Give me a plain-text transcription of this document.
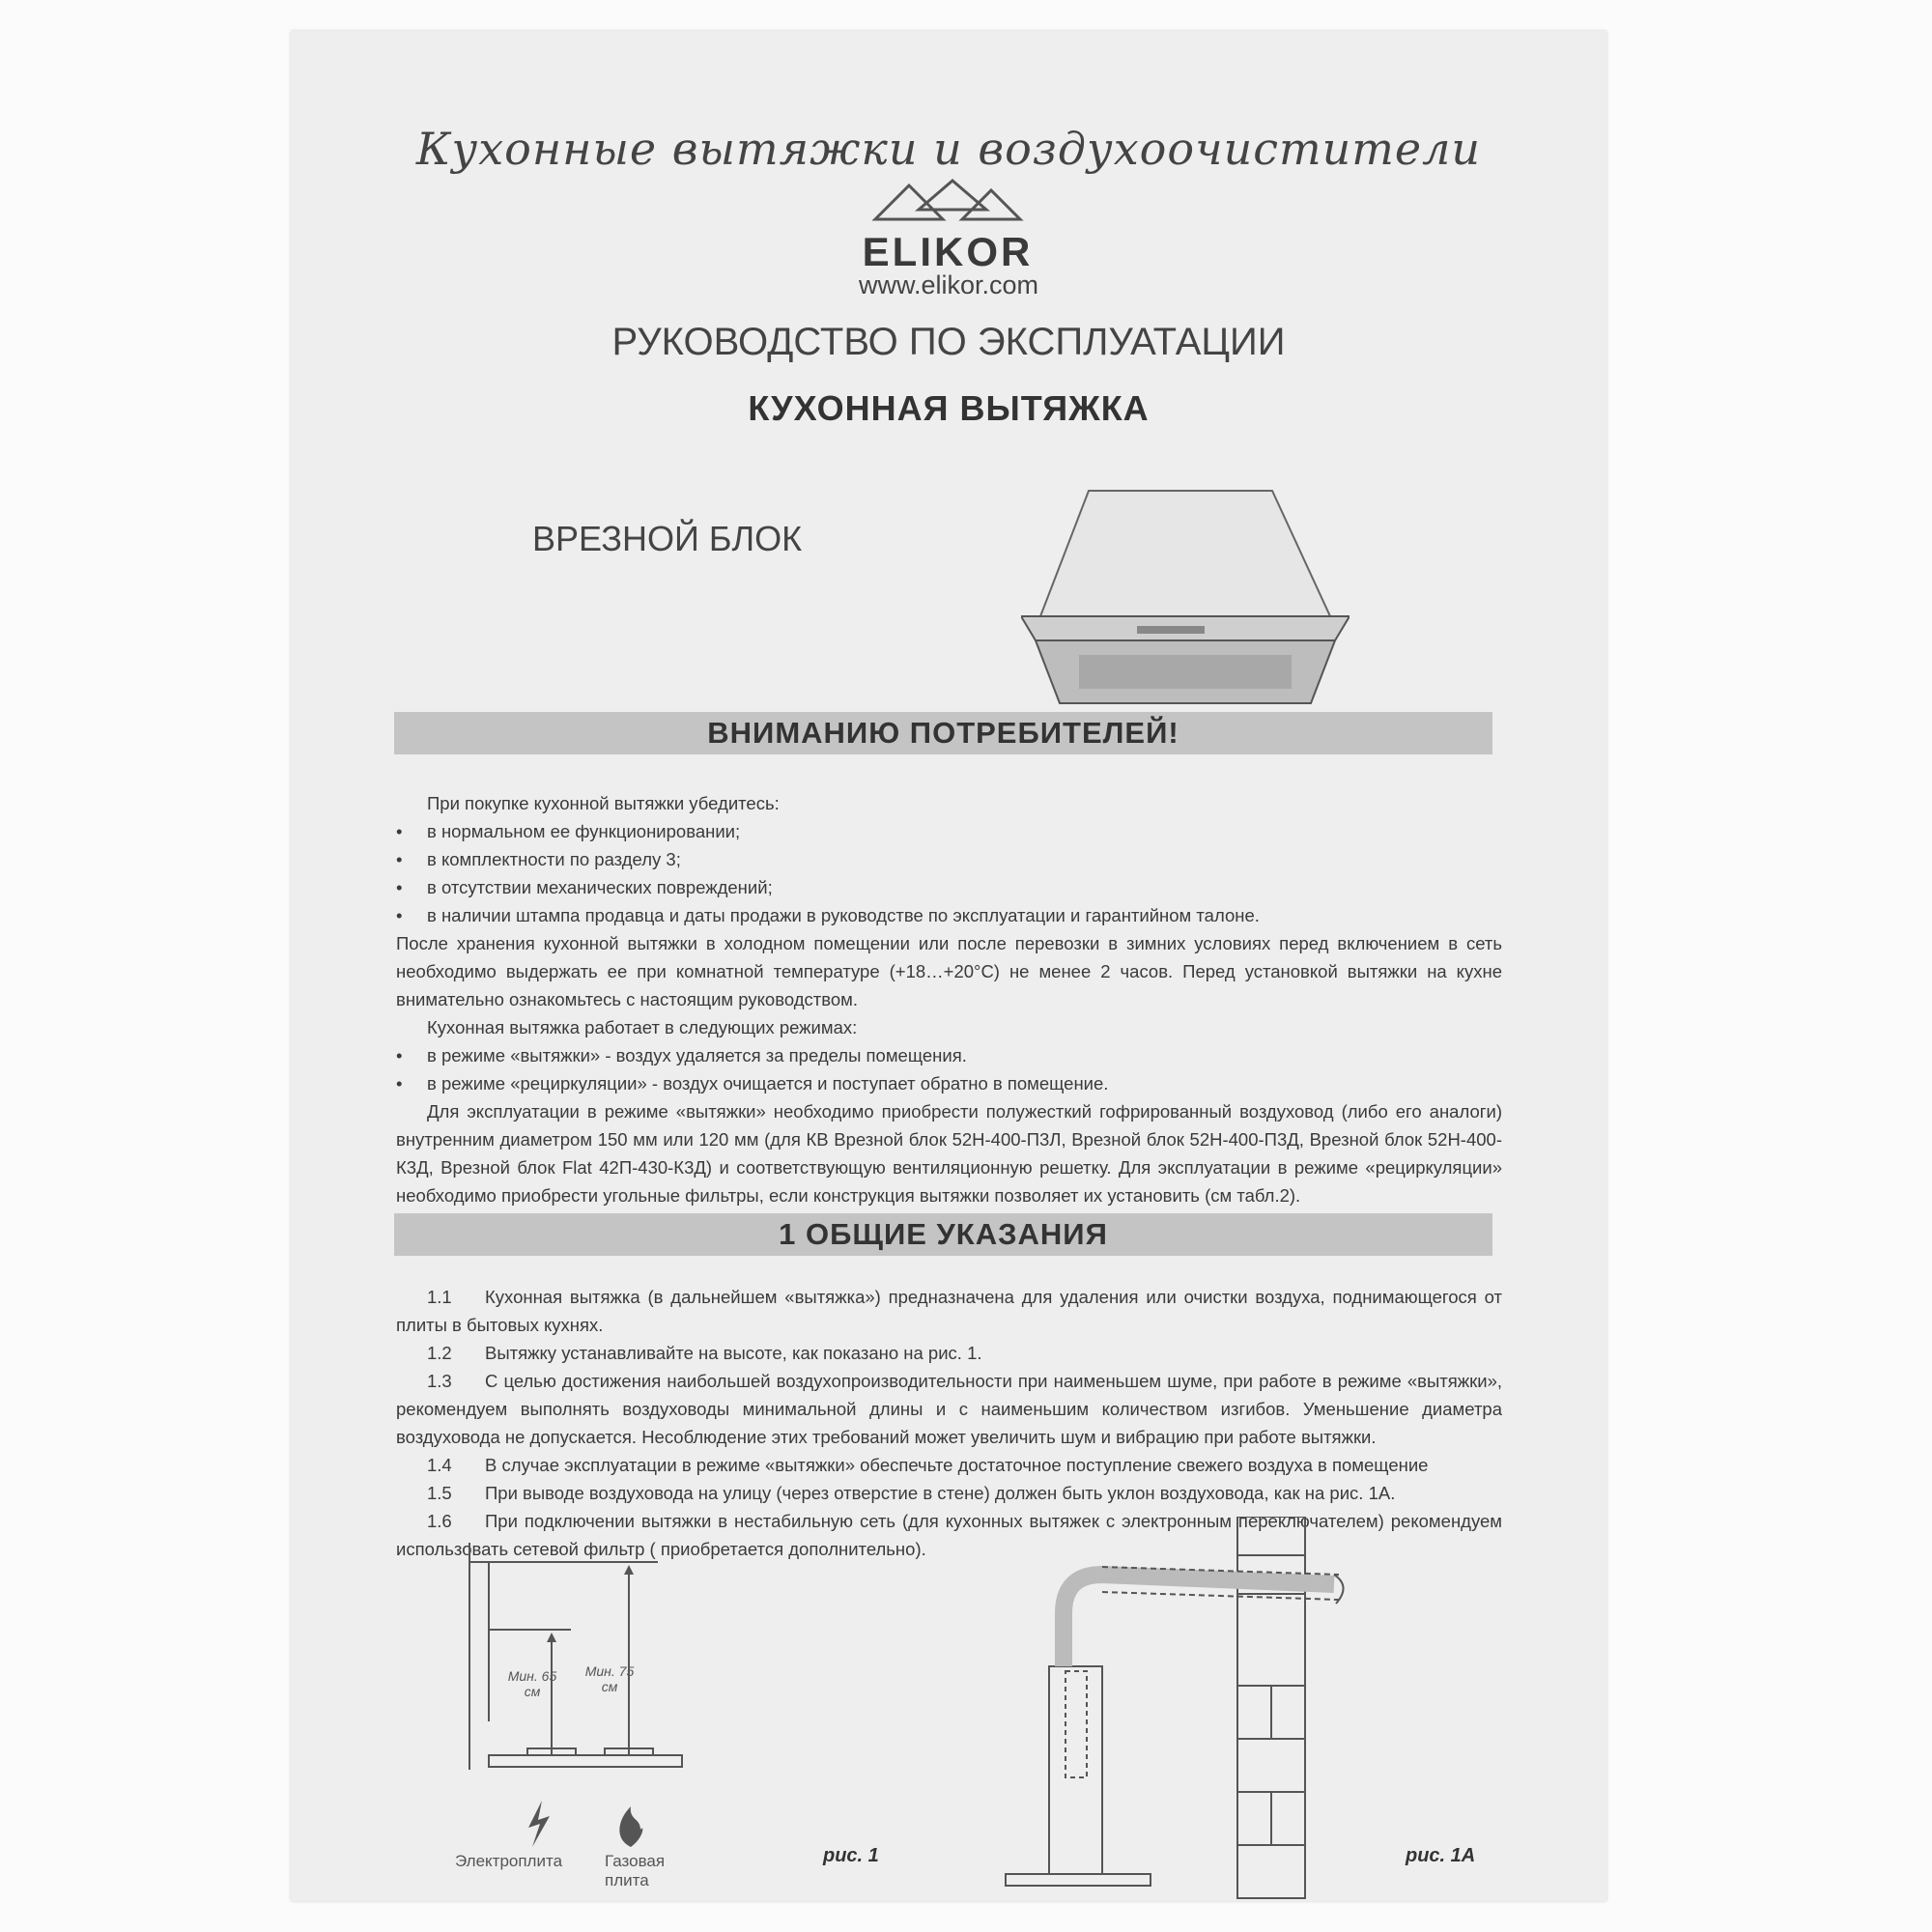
Кухонные вытяжки и воздухоочистители
ELIKOR
www.elikor.com
РУКОВОДСТВО ПО ЭКСПЛУАТАЦИИ
КУХОННАЯ ВЫТЯЖКА
ВРЕЗНОЙ БЛОК
ВНИМАНИЮ ПОТРЕБИТЕЛЕЙ!

При покупке кухонной вытяжки убедитесь:

• в нормальном ее функционировании;

• в комплектности по разделу 3;

• в отсутствии механических повреждений;

• в наличии штампа продавца и даты продажи в руководстве по эксплуатации и гарантийном талоне.

После хранения кухонной вытяжки в холодном помещении или после перевозки в зимних условиях перед включением в сеть необходимо выдержать ее при комнатной температуре (+18…+20°С) не менее 2 часов. Перед установкой вытяжки на кухне внимательно ознакомьтесь с настоящим руководством.

Кухонная вытяжка работает в следующих режимах:

• в режиме «вытяжки» - воздух удаляется за пределы помещения.

• в режиме «рециркуляции» - воздух очищается и поступает обратно в помещение.

Для эксплуатации в режиме «вытяжки» необходимо приобрести полужесткий гофрированный воздуховод (либо его аналоги) внутренним диаметром 150 мм или 120 мм (для КВ Врезной блок 52Н-400-П3Л, Врезной блок 52Н-400-П3Д, Врезной блок 52Н-400-К3Д, Врезной блок Flat 42П-430-К3Д) и соответствующую вентиляционную решетку. Для эксплуатации в режиме «рециркуляции» необходимо приобрести угольные фильтры, если конструкция вытяжки позволяет их установить (см табл.2).

1 ОБЩИЕ УКАЗАНИЯ

1.1 Кухонная вытяжка (в дальнейшем «вытяжка») предназначена для удаления или очистки воздуха, поднимающегося от плиты в бытовых кухнях.

1.2 Вытяжку устанавливайте на высоте, как показано на рис. 1.

1.3 С целью достижения наибольшей воздухопроизводительности при наименьшем шуме, при работе в режиме «вытяжки», рекомендуем выполнять воздуховоды минимальной длины и с наименьшим количеством изгибов. Уменьшение диаметра воздуховода не допускается. Несоблюдение этих требований может увеличить шум и вибрацию при работе вытяжки.

1.4 В случае эксплуатации в режиме «вытяжки» обеспечьте достаточное поступление свежего воздуха в помещение

1.5 При выводе воздуховода на улицу (через отверстие в стене) должен быть уклон воздуховода, как на рис. 1А.

1.6 При подключении вытяжки в нестабильную сеть (для кухонных вытяжек с электронным переключателем) рекомендуем использовать сетевой фильтр ( приобретается дополнительно).

Мин. 65 см
Мин. 75 см
Электроплита	Газовая плита
рис. 1	рис. 1А
